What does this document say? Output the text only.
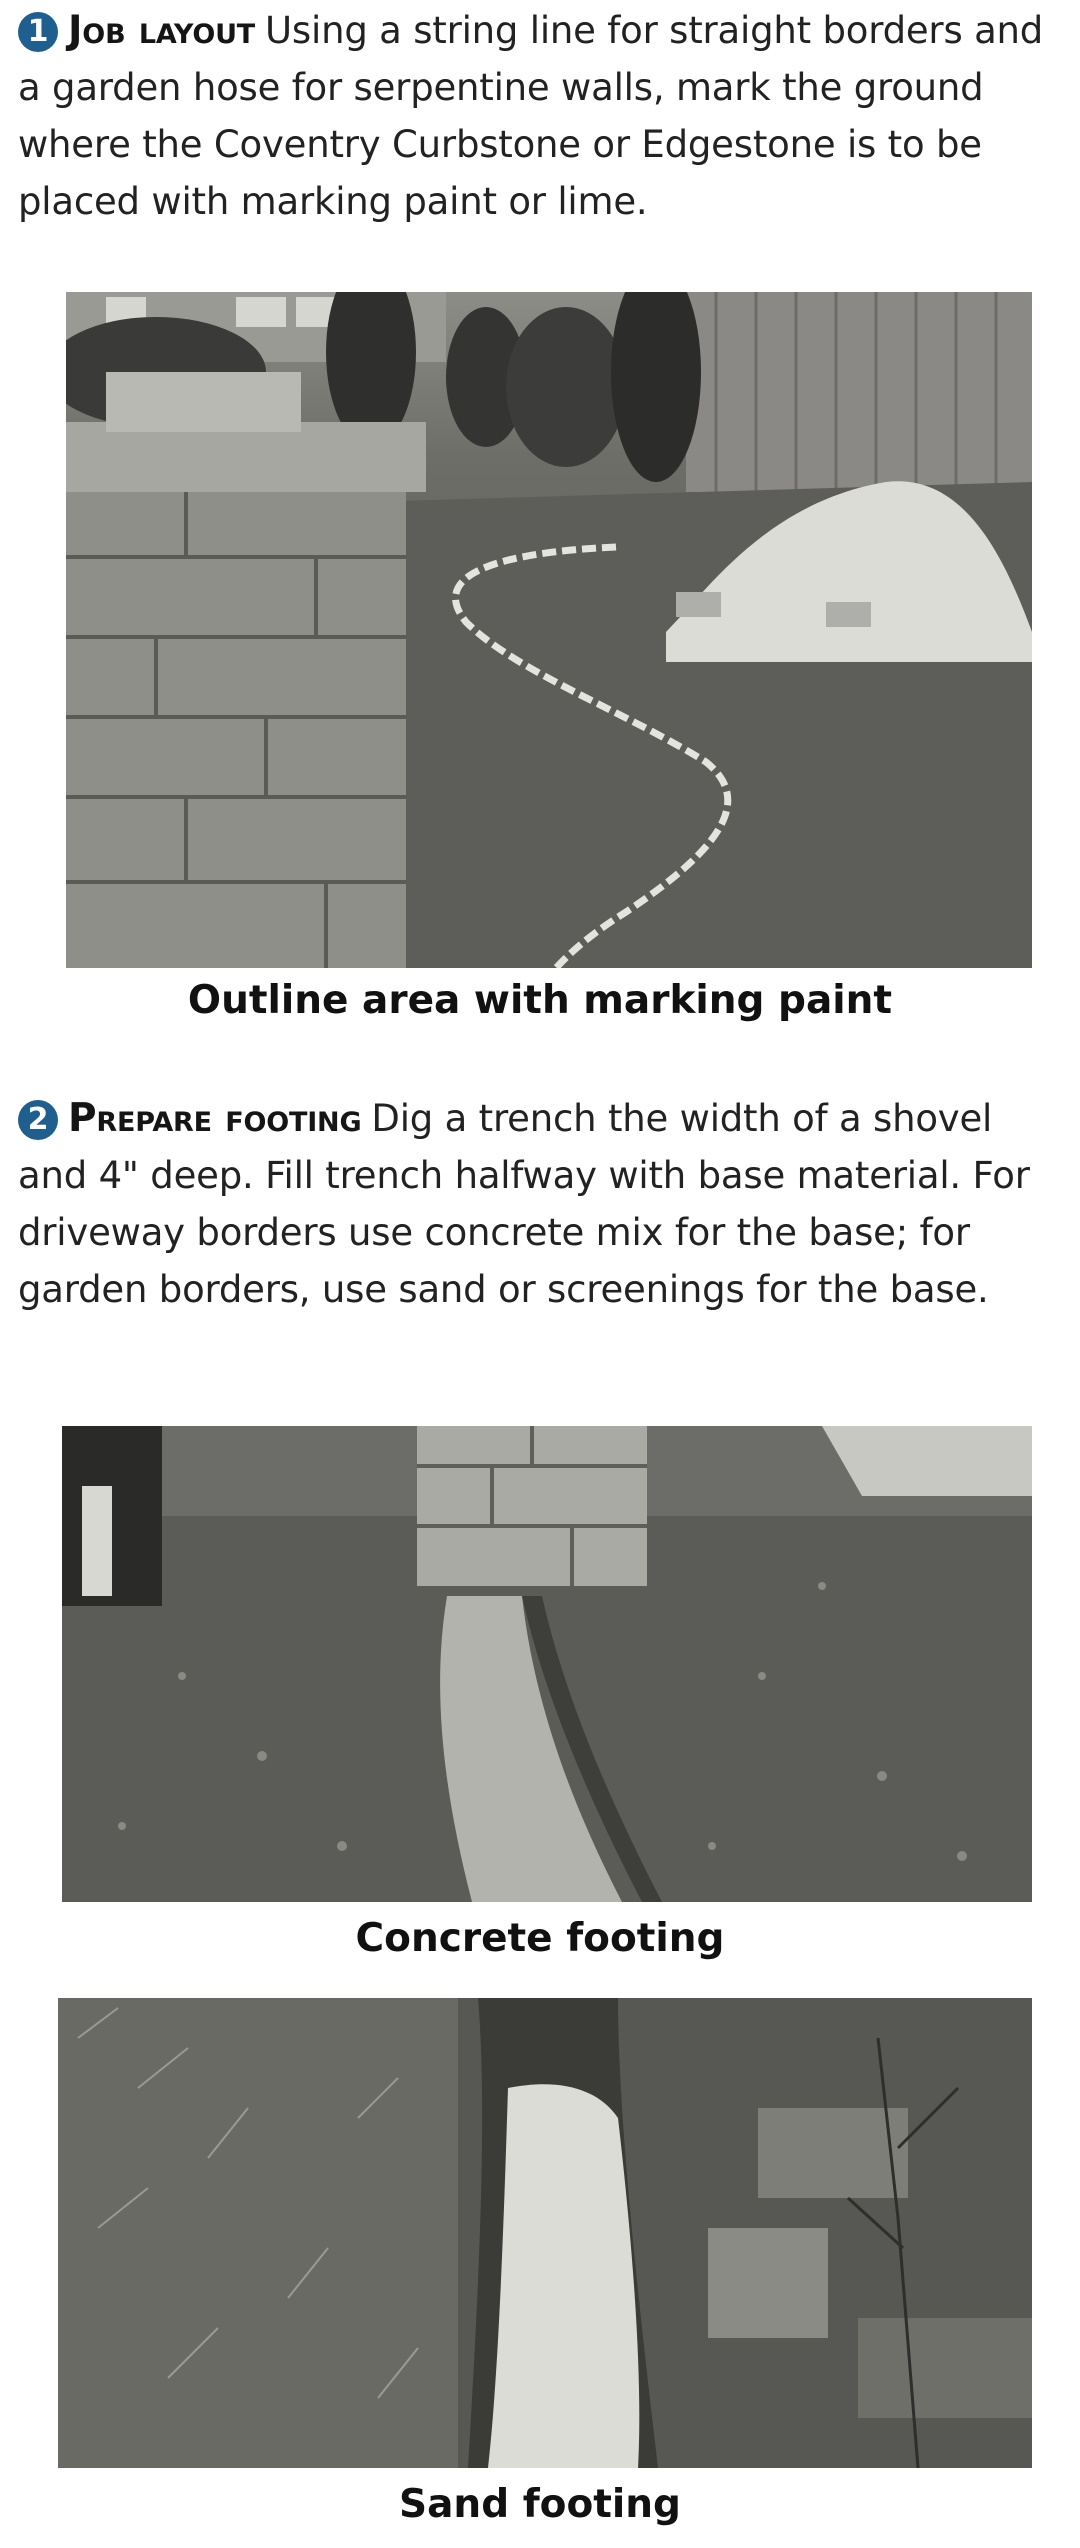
1 Job layout Using a string line for straight borders and a garden hose for serpentine walls, mark the ground where the Coventry Curbstone or Edgestone is to be placed with marking paint or lime.
Outline area with marking paint
2 Prepare footing Dig a trench the width of a shovel and 4" deep. Fill trench halfway with base material. For driveway borders use concrete mix for the base; for garden borders, use sand or screenings for the base.
Concrete footing
Sand footing
